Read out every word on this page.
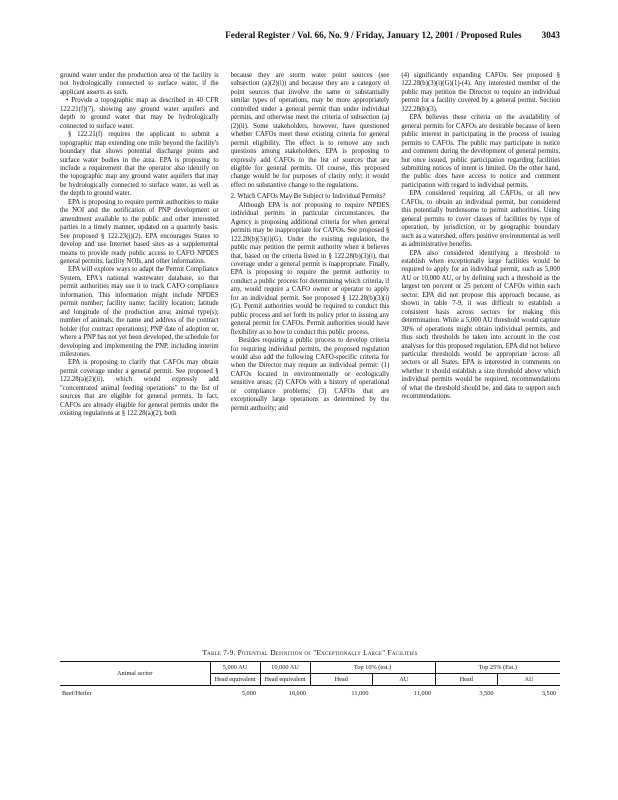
Federal Register / Vol. 66, No. 9 / Friday, January 12, 2001 / Proposed Rules 3043

ground water under the production area of the facility is not hydrologically connected to surface water, if the applicant asserts as such.

• Provide a topographic map as described in 40 CFR 122.21(f)(7), showing any ground water aquifers and depth to ground water that may be hydrologically connected to surface water.

§ 122.21(f) requires the applicant to submit a topographic map extending one mile beyond the facility's boundary that shows potential discharge points and surface water bodies in the area. EPA is proposing to include a requirement that the operator also identify on the topographic map any ground water aquifers that may be hydrologically connected to surface water, as well as the depth to ground water.

EPA is proposing to require permit authorities to make the NOI and the notification of PNP development or amendment available to the public and other interested parties in a timely manner, updated on a quarterly basis. See proposed § 122.23(j)(2). EPA encourages States to develop and use Internet based sites as a supplemental means to provide ready public access to CAFO NPDES general permits, facility NOIs, and other information.

EPA will explore ways to adapt the Permit Compliance System, EPA's national wastewater database, so that permit authorities may use it to track CAFO compliance information. This information might include NPDES permit number; facility name; facility location; latitude and longitude of the production area; animal type(s); number of animals; the name and address of the contract holder (for contract operations); PNP date of adoption or, where a PNP has not yet been developed, the schedule for developing and implementing the PNP, including interim milestones.

EPA is proposing to clarify that CAFOs may obtain permit coverage under a general permit. See proposed § 122.28(a)(2)(ii), which would expressly add "concentrated animal feeding operations" to the list of sources that are eligible for general permits. In fact, CAFOs are already eligible for general permits under the existing regulations at § 122.28(a)(2), both

because they are storm water point sources (see subsection (a)(2)(i)) and because they are a category of point sources that involve the same or substantially similar types of operations, may be more appropriately controlled under a general permit than under individual permits, and otherwise meet the criteria of subsection (a)(2)(ii). Some stakeholders, however, have questioned whether CAFOs meet these existing criteria for general permit eligibility. The effect is to remove any such questions among stakeholders, EPA is proposing to expressly add CAFOs to the list of sources that are eligible for general permits. Of course, this proposed change would be for purposes of clarity only; it would effect no substantive change to the regulations.

2. Which CAFOs May Be Subject to Individual Permits?

Although EPA is not proposing to require NPDES individual permits in particular circumstances, the Agency is proposing additional criteria for when general permits may be inappropriate for CAFOs. See proposed § 122.28(b)(3)(i)(G). Under the existing regulation, the public may petition the permit authority when it believes that, based on the criteria listed in § 122.28(b)(3)(i), that coverage under a general permit is inappropriate. Finally, EPA is proposing to require the permit authority to conduct a public process for determining which criteria, if any, would require a CAFO owner or operator to apply for an individual permit. See proposed § 122.28(b)(3)(i)(G). Permit authorities would be required to conduct this public process and set forth its policy prior to issuing any general permit for CAFOs. Permit authorities would have flexibility as to how to conduct this public process.

Besides requiring a public process to develop criteria for requiring individual permits, the proposed regulation would also add the following CAFO-specific criteria for when the Director may require an individual permit: (1) CAFOs located in environmentally or ecologically sensitive areas; (2) CAFOs with a history of operational or compliance problems; (3) CAFOs that are exceptionally large operations as determined by the permit authority; and

(4) significantly expanding CAFOs. See proposed § 122.28(b)(3)(i)(G)(1)-(4). Any interested member of the public may petition the Director to require an individual permit for a facility covered by a general permit. Section 122.28(b)(3).

EPA believes these criteria on the availability of general permits for CAFOs are desirable because of keen public interest in participating in the process of issuing permits to CAFOs. The public may participate in notice and comment during the development of general permits, but once issued, public participation regarding facilities submitting notices of intent is limited. On the other hand, the public does have access to notice and comment participation with regard to individual permits.

EPA considered requiring all CAFOs, or all new CAFOs, to obtain an individual permit, but considered this potentially burdensome to permit authorities. Using general permits to cover classes of facilities by type of operation, by jurisdiction, or by geographic boundary such as a watershed, offers positive environmental as well as administrative benefits.

EPA also considered identifying a threshold to establish when exceptionally large facilities would be required to apply for an individual permit, such as 5,000 AU or 10,000 AU, or by defining such a threshold as the largest ten percent or 25 percent of CAFOs within each sector. EPA did not propose this approach because, as shown in table 7-9, it was difficult to establish a consistent basis across sectors for making this determination. While a 5,000 AU threshold would capture 30% of operations might obtain individual permits, and thus such thresholds be taken into account in the cost analyses for this proposed regulation, EPA did not believe particular thresholds would be appropriate across all sectors or all States. EPA is interested in comments on whether it should establish a size threshold above which individual permits would be required, recommendations of what the threshold should be, and data to support such recommendations.

Table 7-9. Potential Definition of "Exceptionally Large" Facilities
Animal sector	5,000 AU	10,000 AU	Top 10% (est.)		Top 25% (Est.)	
	Head equivalent	Head equivalent	Head	AU	Head	AU
Beef/Heifer	5,000	10,000	11,000	11,000	3,500	3,500
